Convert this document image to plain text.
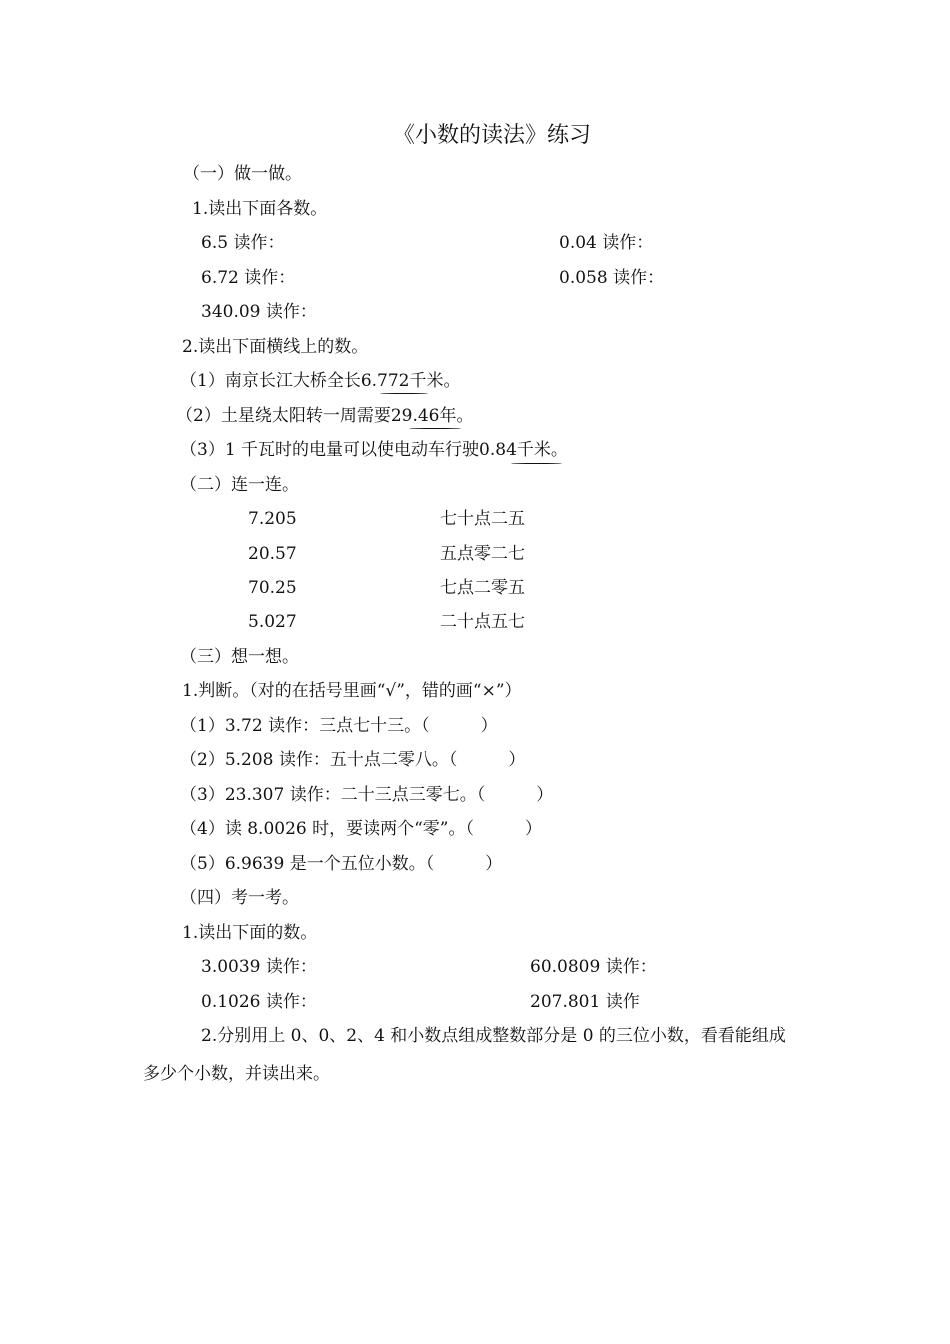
《小数的读法》练习
（一）做一做。
1.读出下面各数。
6.5 读作：	0.04 读作：
6.72 读作：	0.058 读作：
340.09 读作：
2.读出下面横线上的数。
（1）南京长江大桥全长6.772千米。
（2）土星绕太阳转一周需要29.46年。
（3）1 千瓦时的电量可以使电动车行驶0.84千米。
（二）连一连。
7.205	七十点二五
20.57	五点零二七
70.25	七点二零五
5.027	二十点五七
（三）想一想。
1.判断。（对的在括号里画“√”，错的画“×”）
（1）3.72 读作：三点七十三。（　　　）
（2）5.208 读作：五十点二零八。（　　　）
（3）23.307 读作：二十三点三零七。（　　　）
（4）读 8.0026 时，要读两个“零”。（　　　）
（5）6.9639 是一个五位小数。（　　　）
（四）考一考。
1.读出下面的数。
3.0039 读作：	60.0809 读作：
0.1026 读作：	207.801 读作
2.分别用上 0、0、2、4 和小数点组成整数部分是 0 的三位小数，看看能组成
多少个小数，并读出来。
